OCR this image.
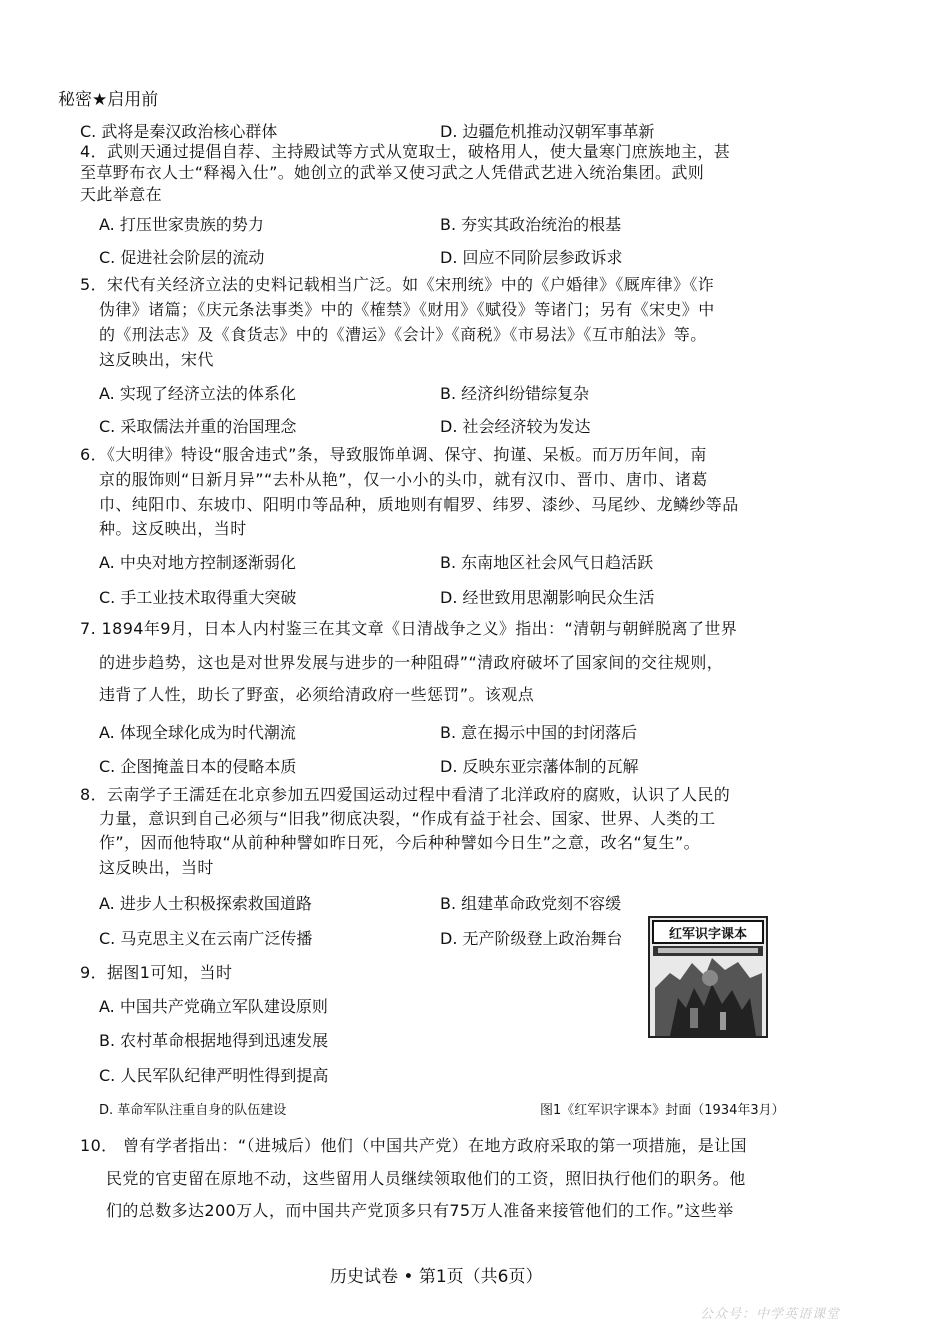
秘密★启用前
C. 武将是秦汉政治核心群体	D. 边疆危机推动汉朝军事革新
4．武则天通过提倡自荐、主持殿试等方式从宽取士，破格用人，使大量寒门庶族地主，甚
至草野布衣人士“释褐入仕”。她创立的武举又使习武之人凭借武艺进入统治集团。武则
天此举意在
A. 打压世家贵族的势力	B. 夯实其政治统治的根基
C. 促进社会阶层的流动	D. 回应不同阶层参政诉求
5．宋代有关经济立法的史料记载相当广泛。如《宋刑统》中的《户婚律》《厩库律》《诈
伪律》诸篇；《庆元条法事类》中的《榷禁》《财用》《赋役》等诸门；另有《宋史》中
的《刑法志》及《食货志》中的《漕运》《会计》《商税》《市易法》《互市舶法》等。
这反映出，宋代
A. 实现了经济立法的体系化	B. 经济纠纷错综复杂
C. 采取儒法并重的治国理念	D. 社会经济较为发达
6．《大明律》特设“服舍违式”条，导致服饰单调、保守、拘谨、呆板。而万历年间，南
京的服饰则“日新月异”“去朴从艳”，仅一小小的头巾，就有汉巾、晋巾、唐巾、诸葛
巾、纯阳巾、东坡巾、阳明巾等品种，质地则有帽罗、纬罗、漆纱、马尾纱、龙鳞纱等品
种。这反映出，当时
A. 中央对地方控制逐渐弱化	B. 东南地区社会风气日趋活跃
C. 手工业技术取得重大突破	D. 经世致用思潮影响民众生活
7. 1894年9月，日本人内村鉴三在其文章《日清战争之义》指出：“清朝与朝鲜脱离了世界
的进步趋势，这也是对世界发展与进步的一种阻碍”“清政府破坏了国家间的交往规则，
违背了人性，助长了野蛮，必须给清政府一些惩罚”。该观点
A. 体现全球化成为时代潮流	B. 意在揭示中国的封闭落后
C. 企图掩盖日本的侵略本质	D. 反映东亚宗藩体制的瓦解
8．云南学子王濡廷在北京参加五四爱国运动过程中看清了北洋政府的腐败，认识了人民的
力量，意识到自己必须与“旧我”彻底决裂，“作成有益于社会、国家、世界、人类的工
作”，因而他特取“从前种种譬如昨日死，今后种种譬如今日生”之意，改名“复生”。
这反映出，当时
A. 进步人士积极探索救国道路	B. 组建革命政党刻不容缓
C. 马克思主义在云南广泛传播	D. 无产阶级登上政治舞台
9．据图1可知，当时
A. 中国共产党确立军队建设原则
B. 农村革命根据地得到迅速发展
C. 人民军队纪律严明性得到提高
D. 革命军队注重自身的队伍建设
红军识字课本
图1《红军识字课本》封面（1934年3月）
10． 曾有学者指出：“（进城后）他们（中国共产党）在地方政府采取的第一项措施，是让国
民党的官吏留在原地不动，这些留用人员继续领取他们的工资，照旧执行他们的职务。他
们的总数多达200万人，而中国共产党顶多只有75万人准备来接管他们的工作。”这些举
历史试卷 • 第1页（共6页）
公众号：中学英语课堂
